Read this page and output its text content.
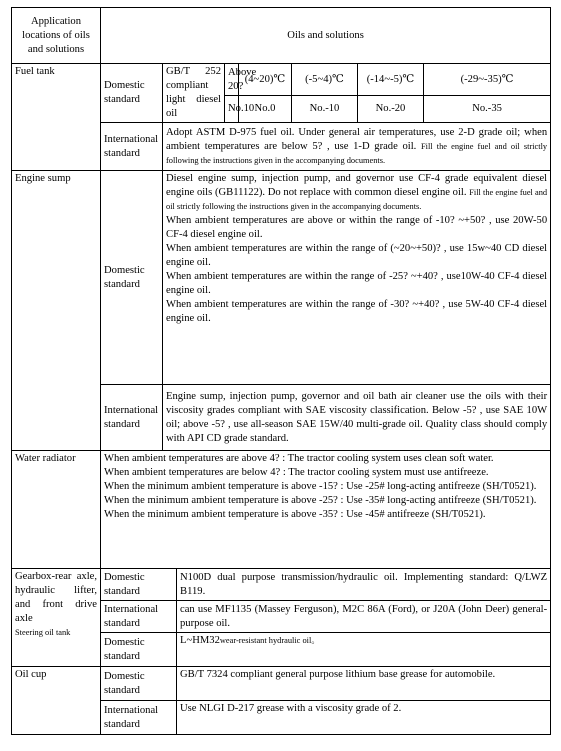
Application locations of oils and solutions	Oils and solutions							
Fuel tank	Domestic standard	GB/T 252 compliant light diesel oil		Above 20?	(4~20)℃	(-5~4)℃	(-14~-5)℃	(-29~-35)℃
				No.10	No.0	No.-10	No.-20	No.-35
	International standard	Adopt ASTM D-975 fuel oil. Under general air temperatures, use 2-D grade oil; when ambient temperatures are below 5? , use 1-D grade oil. Fill the engine fuel and oil strictly following the instructions given in the accompanying documents.						
Engine sump	Domestic standard	Diesel engine sump, injection pump, and governor use CF-4 grade equivalent diesel engine oils (GB11122). Do not replace with common diesel engine oil. Fill the engine fuel and oil strictly following the instructions given in the accompanying documents.
When ambient temperatures are above or within the range of -10? ~+50? , use 20W-50 CF-4 diesel engine oil.
When ambient temperatures are within the range of (~20~+50)? , use 15w~40 CD diesel engine oil.
When ambient temperatures are within the range of -25? ~+40? , use10W-40 CF-4 diesel engine oil.
When ambient temperatures are within the range of -30? ~+40? , use 5W-40 CF-4 diesel engine oil.						

	International standard	Engine sump, injection pump, governor and oil bath air cleaner use the oils with their viscosity grades compliant with SAE viscosity classification. Below -5? , use SAE 10W oil; above -5? , use all-season SAE 15W/40 multi-grade oil. Quality class should comply with API CD grade standard.						
Water radiator	When ambient temperatures are above 4? : The tractor cooling system uses clean soft water.
When ambient temperatures are below 4? : The tractor cooling system must use antifreeze.
When the minimum ambient temperature is above -15? : Use -25# long-acting antifreeze (SH/T0521).
When the minimum ambient temperature is above -25? : Use -35# long-acting antifreeze (SH/T0521).
When the minimum ambient temperature is above -35? : Use -45# antifreeze (SH/T0521).							

Gearbox-rear axle, hydraulic lifter, and front drive axle
Steering oil tank	Domestic standard		N100D dual purpose transmission/hydraulic oil. Implementing standard: Q/LWZ B119.					
	International standard		can use MF1135 (Massey Ferguson), M2C 86A (Ford), or J20A (John Deer) general-purpose oil.					
	Domestic standard		L~HM32wear-resistant hydraulic oil。					
Oil cup	Domestic standard		GB/T 7324 compliant general purpose lithium base grease for automobile.					
	International standard		Use NLGI D-217 grease with a viscosity grade of 2.					
